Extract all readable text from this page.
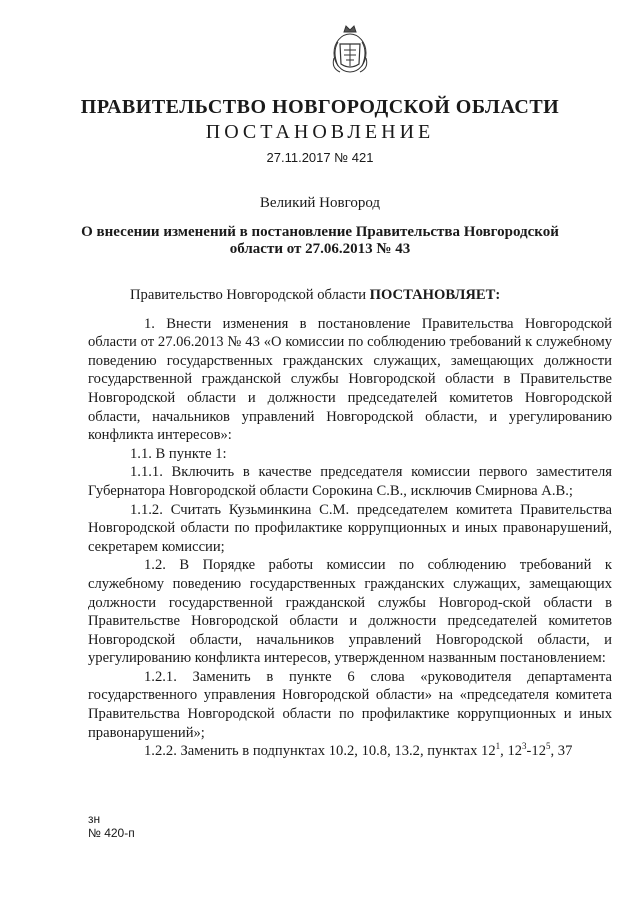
ПРАВИТЕЛЬСТВО НОВГОРОДСКОЙ ОБЛАСТИ
ПОСТАНОВЛЕНИЕ
27.11.2017 № 421
Великий Новгород
О внесении изменений в постановление Правительства Новгородской
области от 27.06.2013 № 43

Правительство Новгородской области ПОСТАНОВЛЯЕТ:

1. Внести изменения в постановление Правительства Новгородской области от 27.06.2013 № 43 «О комиссии по соблюдению требований к служебному поведению государственных гражданских служащих, замещающих должности государственной гражданской службы Новгородской области в Правительстве Новгородской области и должности председателей комитетов Новгородской области, начальников управлений Новгородской области, и урегулированию конфликта интересов»:

1.1. В пункте 1:

1.1.1. Включить в качестве председателя комиссии первого заместителя Губернатора Новгородской области Сорокина С.В., исключив Смирнова А.В.;

1.1.2. Считать Кузьминкина С.М. председателем комитета Правительства Новгородской области по профилактике коррупционных и иных правонарушений, секретарем комиссии;

1.2. В Порядке работы комиссии по соблюдению требований к служебному поведению государственных гражданских служащих, замещающих должности государственной гражданской службы Новгород-ской области в Правительстве Новгородской области и должности председателей комитетов Новгородской области, начальников управлений Новгородской области, и урегулированию конфликта интересов, утвержденном названным постановлением:

1.2.1. Заменить в пункте 6 слова «руководителя департамента государственного управления Новгородской области» на «председателя комитета Правительства Новгородской области по профилактике коррупционных и иных правонарушений»;

1.2.2. Заменить в подпунктах 10.2, 10.8, 13.2, пунктах $12^1$, $12^3-12^5$, 37

зн
№ 420-п
